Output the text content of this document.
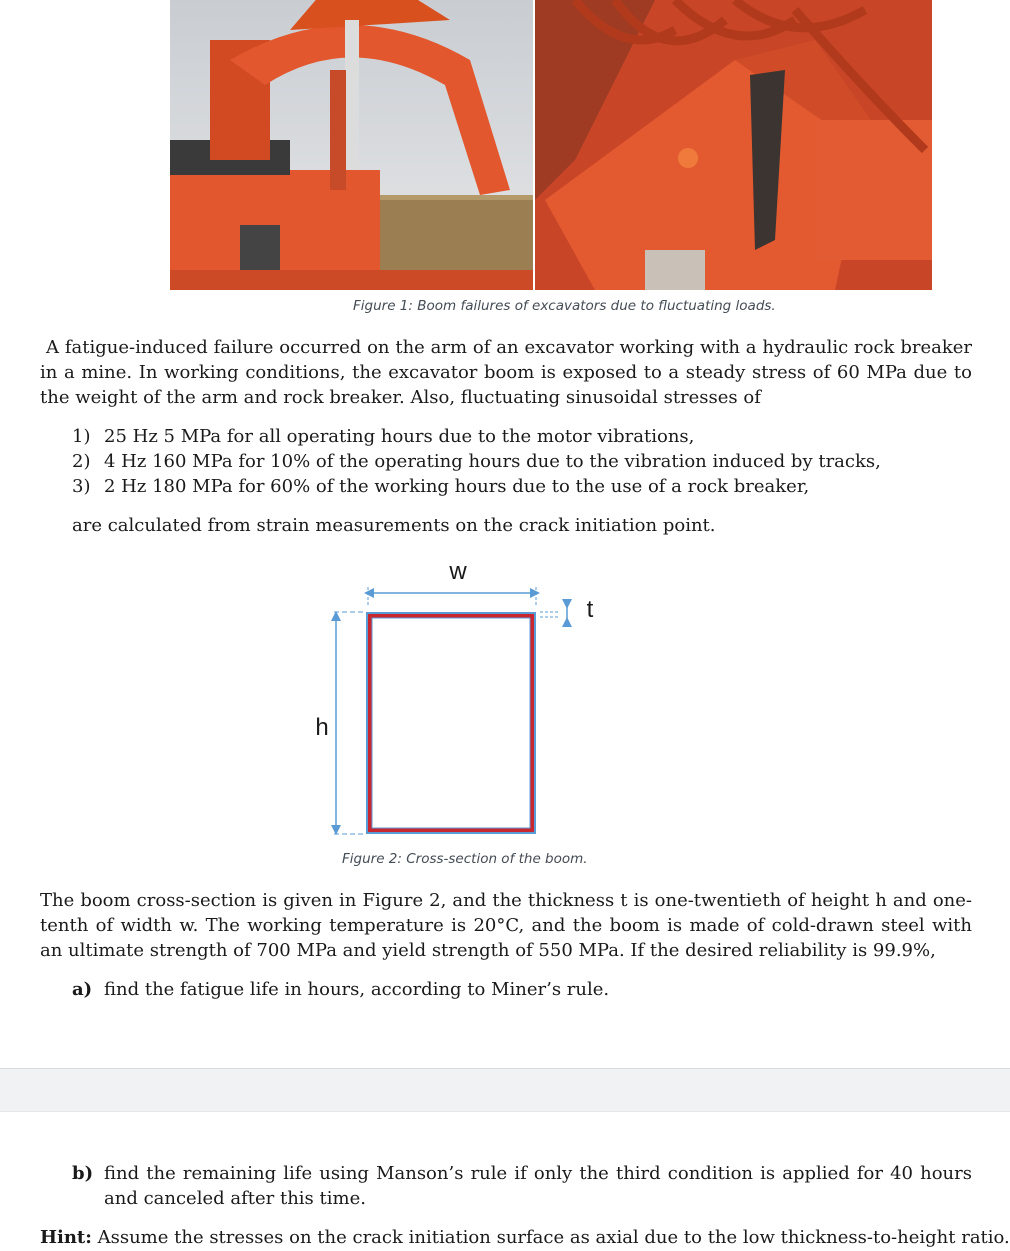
Figure 1: Boom failures of excavators due to fluctuating loads.
A fatigue-induced failure occurred on the arm of an excavator working with a hydraulic rock breaker in a mine. In working conditions, the excavator boom is exposed to a steady stress of 60 MPa due to the weight of the arm and rock breaker. Also, fluctuating sinusoidal stresses of
1) 25 Hz 5 MPa for all operating hours due to the motor vibrations,
2) 4 Hz 160 MPa for 10% of the operating hours due to the vibration induced by tracks,
3) 2 Hz 180 MPa for 60% of the working hours due to the use of a rock breaker,
are calculated from strain measurements on the crack initiation point.
w
h
t
Figure 2: Cross-section of the boom.
The boom cross-section is given in Figure 2, and the thickness t is one-twentieth of height h and one-tenth of width w. The working temperature is 20°C, and the boom is made of cold-drawn steel with an ultimate strength of 700 MPa and yield strength of 550 MPa. If the desired reliability is 99.9%,
a) find the fatigue life in hours, according to Miner’s rule.
b) find the remaining life using Manson’s rule if only the third condition is applied for 40 hours and canceled after this time.
Hint: Assume the stresses on the crack initiation surface as axial due to the low thickness-to-height ratio.
